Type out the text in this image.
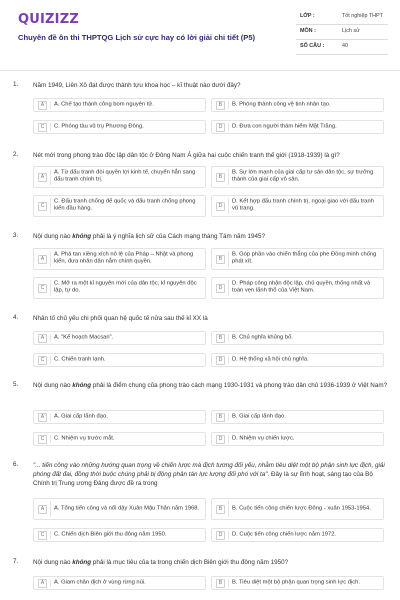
QUIZIZZ
Chuyên đề ôn thi THPTQG Lịch sử cực hay có lời giải chi tiết (P5)
LỚP :	Tốt nghiệp THPT
MÔN :	Lịch sử
SỐ CÂU :	40
1. Năm 1949, Liên Xô đạt được thành tựu khoa học – kĩ thuật nào dưới đây?
A	A. Chế tạo thành công bom nguyên tử.	B	B. Phóng thành công vệ tinh nhân tạo.
C	C. Phóng tàu vũ trụ Phương Đông.	D	D. Đưa con người thám hiểm Mặt Trăng.
2. Nét mới trong phong trào độc lập dân tộc ở Đông Nam Á giữa hai cuộc chiến tranh thế giới (1918-1939) là gì?
A
A. Từ đấu tranh đòi quyền lợi kinh tế, chuyển hẳn sang đấu tranh chính trị.
B
B. Sự lớn mạnh của giai cấp tư sản dân tộc, sự trưởng thành của giai cấp vô sản.
C
C. Đấu tranh chống đế quốc và đấu tranh chống phong kiến đầu hàng.
D
D. Kết hợp đấu tranh chính trị, ngoại giao với đấu tranh vũ trang.
3. Nội dung nào không phải là ý nghĩa lịch sử của Cách mạng tháng Tám năm 1945?
A
A. Phá tan xiềng xích nô lệ của Pháp – Nhật và phong kiến, đưa nhân dân nắm chính quyền.
B
B. Góp phần vào chiến thắng của phe Đồng minh chống phát xít.
C
C. Mở ra một kỉ nguyên mới của dân tộc, kỉ nguyên độc lập, tự do.
D
D. Pháp công nhận độc lập, chủ quyền, thống nhất và toàn vẹn lãnh thổ của Việt Nam.
4. Nhân tố chủ yếu chi phối quan hệ quốc tế nửa sau thế kỉ XX là
A	A. "Kế hoạch Macsan".	B	B. Chủ nghĩa khủng bố.
C	C. Chiến tranh lạnh.	D	D. Hệ thống xã hội chủ nghĩa.
5. Nội dung nào không phải là điểm chung của phong trào cách mạng 1930-1931 và phong trào dân chủ 1936-1939 ở Việt Nam?
A	A. Giai cấp lãnh đạo.	B	B. Giai cấp lãnh đạo.
C	C. Nhiệm vụ trước mắt.	D	D. Nhiệm vụ chiến lược.
6. "... tiến công vào những hướng quan trọng về chiến lược mà địch tương đối yếu, nhằm tiêu diệt một bộ phận sinh lực địch, giải phóng đất đai, đồng thời buộc chúng phải bị động phân tán lực lượng đối phó với ta". Đây là sự lĩnh hoạt, sáng tạo của Bộ Chính trị Trung ương Đảng được đề ra trong
A	A. Tổng tiến công và nổi dậy Xuân Mậu Thân năm 1968.	B	B. Cuộc tiến công chiến lược Đông - xuân 1953-1954.
C	C. Chiến dịch Biên giới thu đông năm 1950.	D	D. Cuộc tiến công chiến lược năm 1972.
7. Nội dung nào không phải là mục tiêu của ta trong chiến dịch Biên giới thu đông năm 1950?
A	A. Giam chân địch ở vùng rừng núi.	B	B. Tiêu diệt một bộ phận quan trọng sinh lực địch.
